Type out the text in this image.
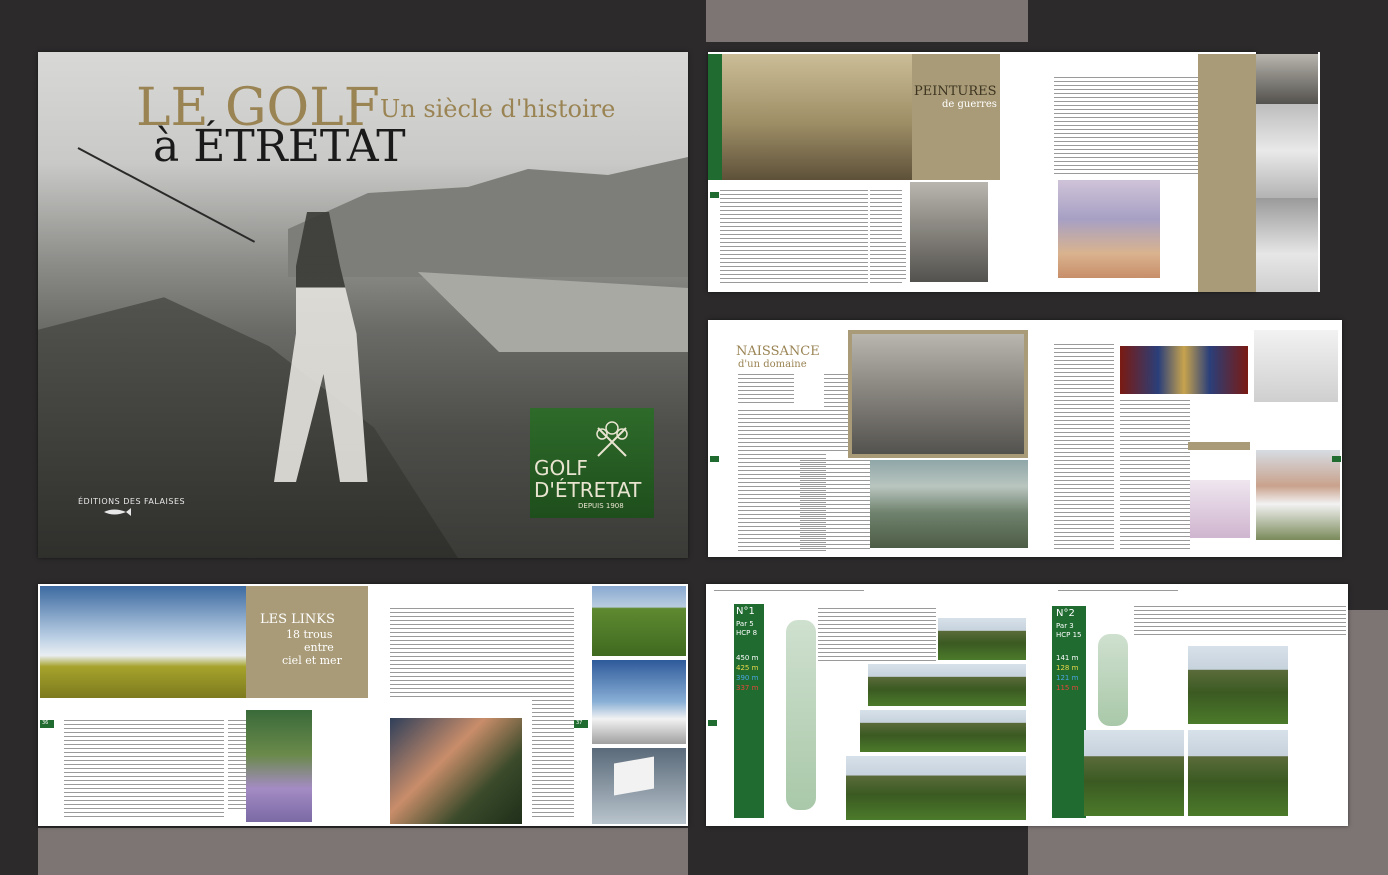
LE GOLF Un siècle d'histoire
à ÉTRETAT
ÉDITIONS DES FALAISES
GOLF
D'ÉTRETAT
DEPUIS 1908
PEINTURES
de guerres
NAISSANCE
d'un domaine
LES LINKS
18 trous
entre
ciel et mer
36	37
N°1
Par 5
HCP 8
450 m
425 m
390 m
337 m
N°2
Par 3
HCP 15
141 m
128 m
121 m
115 m
